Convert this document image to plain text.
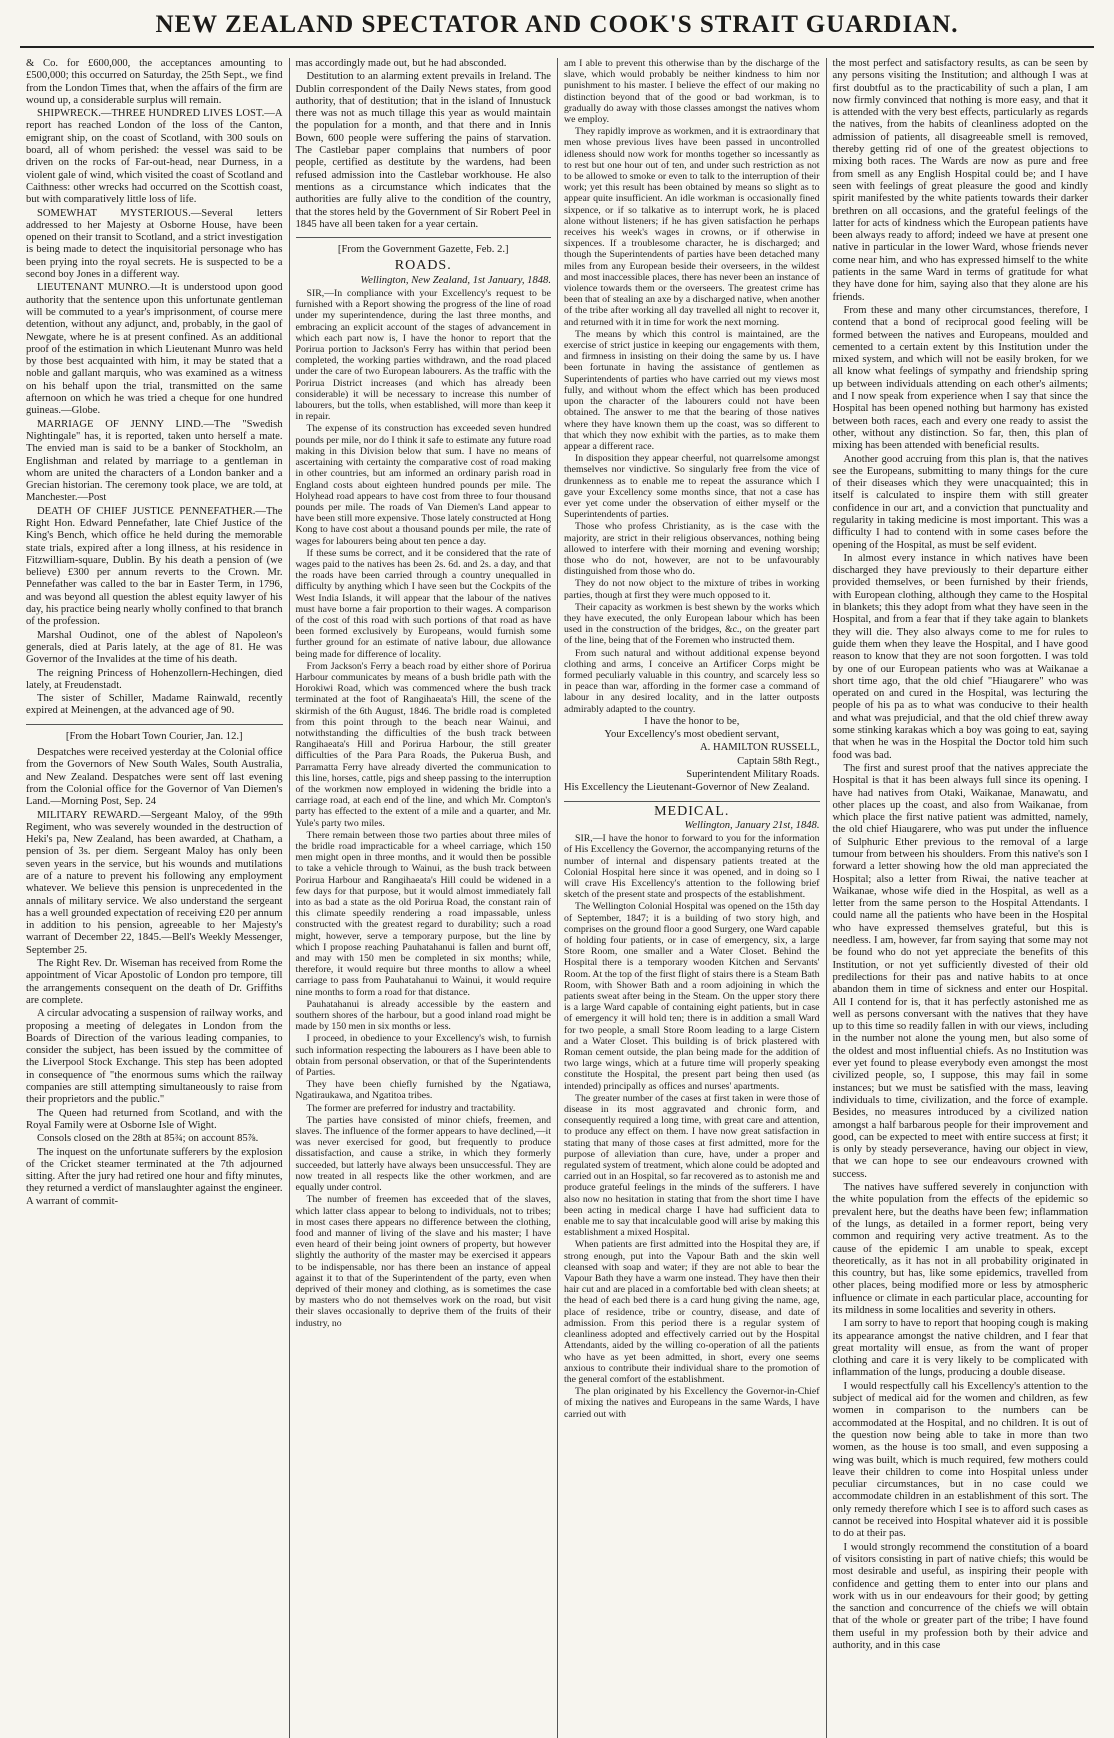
NEW ZEALAND SPECTATOR AND COOK'S STRAIT GUARDIAN.

& Co. for £600,000, the acceptances amounting to £500,000; this occurred on Saturday, the 25th Sept., we find from the London Times that, when the affairs of the firm are wound up, a considerable surplus will remain.

SHIPWRECK.—THREE HUNDRED LIVES LOST.—A report has reached London of the loss of the Canton, emigrant ship, on the coast of Scotland, with 300 souls on board, all of whom perished: the vessel was said to be driven on the rocks of Far-out-head, near Durness, in a violent gale of wind, which visited the coast of Scotland and Caithness: other wrecks had occurred on the Scottish coast, but with comparatively little loss of life.

SOMEWHAT MYSTERIOUS.—Several letters addressed to her Majesty at Osborne House, have been opened on their transit to Scotland, and a strict investigation is being made to detect the inquisitorial personage who has been prying into the royal secrets. He is suspected to be a second boy Jones in a different way.

LIEUTENANT MUNRO.—It is understood upon good authority that the sentence upon this unfortunate gentleman will be commuted to a year's imprisonment, of course mere detention, without any adjunct, and, probably, in the gaol of Newgate, where he is at present confined. As an additional proof of the estimation in which Lieutenant Munro was held by those best acquainted with him, it may be stated that a noble and gallant marquis, who was examined as a witness on his behalf upon the trial, transmitted on the same afternoon on which he was tried a cheque for one hundred guineas.—Globe.

MARRIAGE OF JENNY LIND.—The "Swedish Nightingale" has, it is reported, taken unto herself a mate. The envied man is said to be a banker of Stockholm, an Englishman and related by marriage to a gentleman in whom are united the characters of a London banker and a Grecian historian. The ceremony took place, we are told, at Manchester.—Post

DEATH OF CHIEF JUSTICE PENNEFATHER.—The Right Hon. Edward Pennefather, late Chief Justice of the King's Bench, which office he held during the memorable state trials, expired after a long illness, at his residence in Fitzwilliam-square, Dublin. By his death a pension of (we believe) £300 per annum reverts to the Crown. Mr. Pennefather was called to the bar in Easter Term, in 1796, and was beyond all question the ablest equity lawyer of his day, his practice being nearly wholly confined to that branch of the profession.

Marshal Oudinot, one of the ablest of Napoleon's generals, died at Paris lately, at the age of 81. He was Governor of the Invalides at the time of his death.

The reigning Princess of Hohenzollern-Hechingen, died lately, at Freudenstadt.

The sister of Schiller, Madame Rainwald, recently expired at Meinengen, at the advanced age of 90.

[From the Hobart Town Courier, Jan. 12.]

Despatches were received yesterday at the Colonial office from the Governors of New South Wales, South Australia, and New Zealand. Despatches were sent off last evening from the Colonial office for the Governor of Van Diemen's Land.—Morning Post, Sep. 24

MILITARY REWARD.—Sergeant Maloy, of the 99th Regiment, who was severely wounded in the destruction of Heki's pa, New Zealand, has been awarded, at Chatham, a pension of 3s. per diem. Sergeant Maloy has only been seven years in the service, but his wounds and mutilations are of a nature to prevent his following any employment whatever. We believe this pension is unprecedented in the annals of military service. We also understand the sergeant has a well grounded expectation of receiving £20 per annum in addition to his pension, agreeable to her Majesty's warrant of December 22, 1845.—Bell's Weekly Messenger, September 25.

The Right Rev. Dr. Wiseman has received from Rome the appointment of Vicar Apostolic of London pro tempore, till the arrangements consequent on the death of Dr. Griffiths are complete.

A circular advocating a suspension of railway works, and proposing a meeting of delegates in London from the Boards of Direction of the various leading companies, to consider the subject, has been issued by the committee of the Liverpool Stock Exchange. This step has been adopted in consequence of "the enormous sums which the railway companies are still attempting simultaneously to raise from their proprietors and the public."

The Queen had returned from Scotland, and with the Royal Family were at Osborne Isle of Wight.

Consols closed on the 28th at 85¾; on account 85⅞.

The inquest on the unfortunate sufferers by the explosion of the Cricket steamer terminated at the 7th adjourned sitting. After the jury had retired one hour and fifty minutes, they returned a verdict of manslaughter against the engineer. A warrant of commit-

mas accordingly made out, but he had absconded.

Destitution to an alarming extent prevails in Ireland. The Dublin correspondent of the Daily News states, from good authority, that of destitution; that in the island of Innustuck there was not as much tillage this year as would maintain the population for a month, and that there and in Innis Bown, 600 people were suffering the pains of starvation. The Castlebar paper complains that numbers of poor people, certified as destitute by the wardens, had been refused admission into the Castlebar workhouse. He also mentions as a circumstance which indicates that the authorities are fully alive to the condition of the country, that the stores held by the Government of Sir Robert Peel in 1845 have all been taken for a year certain.

[From the Government Gazette, Feb. 2.]

ROADS.

Wellington, New Zealand, 1st January, 1848.

SIR,—In compliance with your Excellency's request to be furnished with a Report showing the progress of the line of road under my superintendence, during the last three months, and embracing an explicit account of the stages of advancement in which each part now is, I have the honor to report that the Porirua portion to Jackson's Ferry has within that period been completed, the working parties withdrawn, and the road placed under the care of two European labourers. As the traffic with the Porirua District increases (and which has already been considerable) it will be necessary to increase this number of labourers, but the tolls, when established, will more than keep it in repair.

The expense of its construction has exceeded seven hundred pounds per mile, nor do I think it safe to estimate any future road making in this Division below that sum. I have no means of ascertaining with certainty the comparative cost of road making in other countries, but am informed an ordinary parish road in England costs about eighteen hundred pounds per mile. The Holyhead road appears to have cost from three to four thousand pounds per mile. The roads of Van Diemen's Land appear to have been still more expensive. Those lately constructed at Hong Kong to have cost about a thousand pounds per mile, the rate of wages for labourers being about ten pence a day.

If these sums be correct, and it be considered that the rate of wages paid to the natives has been 2s. 6d. and 2s. a day, and that the roads have been carried through a country unequalled in difficulty by anything which I have seen but the Cockpits of the West India Islands, it will appear that the labour of the natives must have borne a fair proportion to their wages. A comparison of the cost of this road with such portions of that road as have been formed exclusively by Europeans, would furnish some further ground for an estimate of native labour, due allowance being made for difference of locality.

From Jackson's Ferry a beach road by either shore of Porirua Harbour communicates by means of a bush bridle path with the Horokiwi Road, which was commenced where the bush track terminated at the foot of Rangihaeata's Hill, the scene of the skirmish of the 6th August, 1846. The bridle road is completed from this point through to the beach near Wainui, and notwithstanding the difficulties of the bush track between Rangihaeata's Hill and Porirua Harbour, the still greater difficulties of the Para Para Roads, the Pukerua Bush, and Parramatta Ferry have already diverted the communication to this line, horses, cattle, pigs and sheep passing to the interruption of the workmen now employed in widening the bridle into a carriage road, at each end of the line, and which Mr. Compton's party has effected to the extent of a mile and a quarter, and Mr. Yule's party two miles.

There remain between those two parties about three miles of the bridle road impracticable for a wheel carriage, which 150 men might open in three months, and it would then be possible to take a vehicle through to Wainui, as the bush track between Porirua Harbour and Rangihaeata's Hill could be widened in a few days for that purpose, but it would almost immediately fall into as bad a state as the old Porirua Road, the constant rain of this climate speedily rendering a road impassable, unless constructed with the greatest regard to durability; such a road might, however, serve a temporary purpose, but the line by which I propose reaching Pauhatahanui is fallen and burnt off, and may with 150 men be completed in six months; while, therefore, it would require but three months to allow a wheel carriage to pass from Pauhatahanui to Wainui, it would require nine months to form a road for that distance.

Pauhatahanui is already accessible by the eastern and southern shores of the harbour, but a good inland road might be made by 150 men in six months or less.

I proceed, in obedience to your Excellency's wish, to furnish such information respecting the labourers as I have been able to obtain from personal observation, or that of the Superintendents of Parties.

They have been chiefly furnished by the Ngatiawa, Ngatiraukawa, and Ngatitoa tribes.

The former are preferred for industry and tractability.

The parties have consisted of minor chiefs, freemen, and slaves. The influence of the former appears to have declined,—it was never exercised for good, but frequently to produce dissatisfaction, and cause a strike, in which they formerly succeeded, but latterly have always been unsuccessful. They are now treated in all respects like the other workmen, and are equally under control.

The number of freemen has exceeded that of the slaves, which latter class appear to belong to individuals, not to tribes; in most cases there appears no difference between the clothing, food and manner of living of the slave and his master; I have even heard of their being joint owners of property, but however slightly the authority of the master may be exercised it appears to be indispensable, nor has there been an instance of appeal against it to that of the Superintendent of the party, even when deprived of their money and clothing, as is sometimes the case by masters who do not themselves work on the road, but visit their slaves occasionally to deprive them of the fruits of their industry, no

am I able to prevent this otherwise than by the discharge of the slave, which would probably be neither kindness to him nor punishment to his master. I believe the effect of our making no distinction beyond that of the good or bad workman, is to gradually do away with those classes amongst the natives whom we employ.

They rapidly improve as workmen, and it is extraordinary that men whose previous lives have been passed in uncontrolled idleness should now work for months together so incessantly as to rest but one hour out of ten, and under such restriction as not to be allowed to smoke or even to talk to the interruption of their work; yet this result has been obtained by means so slight as to appear quite insufficient. An idle workman is occasionally fined sixpence, or if so talkative as to interrupt work, he is placed alone without listeners; if he has given satisfaction he perhaps receives his week's wages in crowns, or if otherwise in sixpences. If a troublesome character, he is discharged; and though the Superintendents of parties have been detached many miles from any European beside their overseers, in the wildest and most inaccessible places, there has never been an instance of violence towards them or the overseers. The greatest crime has been that of stealing an axe by a discharged native, when another of the tribe after working all day travelled all night to recover it, and returned with it in time for work the next morning.

The means by which this control is maintained, are the exercise of strict justice in keeping our engagements with them, and firmness in insisting on their doing the same by us. I have been fortunate in having the assistance of gentlemen as Superintendents of parties who have carried out my views most fully, and without whom the effect which has been produced upon the character of the labourers could not have been obtained. The answer to me that the bearing of those natives where they have known them up the coast, was so different to that which they now exhibit with the parties, as to make them appear a different race.

In disposition they appear cheerful, not quarrelsome amongst themselves nor vindictive. So singularly free from the vice of drunkenness as to enable me to repeat the assurance which I gave your Excellency some months since, that not a case has ever yet come under the observation of either myself or the Superintendents of parties.

Those who profess Christianity, as is the case with the majority, are strict in their religious observances, nothing being allowed to interfere with their morning and evening worship; those who do not, however, are not to be unfavourably distinguished from those who do.

They do not now object to the mixture of tribes in working parties, though at first they were much opposed to it.

Their capacity as workmen is best shewn by the works which they have executed, the only European labour which has been used in the construction of the bridges, &c., on the greater part of the line, being that of the Foremen who instructed them.

From such natural and without additional expense beyond clothing and arms, I conceive an Artificer Corps might be formed peculiarly valuable in this country, and scarcely less so in peace than war, affording in the former case a command of labour in any desired locality, and in the latter outposts admirably adapted to the country.

I have the honor to be,

Your Excellency's most obedient servant,

A. HAMILTON RUSSELL,

Captain 58th Regt.,

Superintendent Military Roads.

His Excellency the Lieutenant-Governor of New Zealand.

MEDICAL.

Wellington, January 21st, 1848.

SIR,—I have the honor to forward to you for the information of His Excellency the Governor, the accompanying returns of the number of internal and dispensary patients treated at the Colonial Hospital here since it was opened, and in doing so I will crave His Excellency's attention to the following brief sketch of the present state and prospects of the establishment.

The Wellington Colonial Hospital was opened on the 15th day of September, 1847; it is a building of two story high, and comprises on the ground floor a good Surgery, one Ward capable of holding four patients, or in case of emergency, six, a large Store Room, one smaller and a Water Closet. Behind the Hospital there is a temporary wooden Kitchen and Servants' Room. At the top of the first flight of stairs there is a Steam Bath Room, with Shower Bath and a room adjoining in which the patients sweat after being in the Steam. On the upper story there is a large Ward capable of containing eight patients, but in case of emergency it will hold ten; there is in addition a small Ward for two people, a small Store Room leading to a large Cistern and a Water Closet. This building is of brick plastered with Roman cement outside, the plan being made for the addition of two large wings, which at a future time will properly speaking constitute the Hospital, the present part being then used (as intended) principally as offices and nurses' apartments.

The greater number of the cases at first taken in were those of disease in its most aggravated and chronic form, and consequently required a long time, with great care and attention, to produce any effect on them. I have now great satisfaction in stating that many of those cases at first admitted, more for the purpose of alleviation than cure, have, under a proper and regulated system of treatment, which alone could be adopted and carried out in an Hospital, so far recovered as to astonish me and produce grateful feelings in the minds of the sufferers. I have also now no hesitation in stating that from the short time I have been acting in medical charge I have had sufficient data to enable me to say that incalculable good will arise by making this establishment a mixed Hospital.

When patients are first admitted into the Hospital they are, if strong enough, put into the Vapour Bath and the skin well cleansed with soap and water; if they are not able to bear the Vapour Bath they have a warm one instead. They have then their hair cut and are placed in a comfortable bed with clean sheets; at the head of each bed there is a card hung giving the name, age, place of residence, tribe or country, disease, and date of admission. From this period there is a regular system of cleanliness adopted and effectively carried out by the Hospital Attendants, aided by the willing co-operation of all the patients who have as yet been admitted, in short, every one seems anxious to contribute their individual share to the promotion of the general comfort of the establishment.

The plan originated by his Excellency the Governor-in-Chief of mixing the natives and Europeans in the same Wards, I have carried out with

the most perfect and satisfactory results, as can be seen by any persons visiting the Institution; and although I was at first doubtful as to the practicability of such a plan, I am now firmly convinced that nothing is more easy, and that it is attended with the very best effects, particularly as regards the natives, from the habits of cleanliness adopted on the admission of patients, all disagreeable smell is removed, thereby getting rid of one of the greatest objections to mixing both races. The Wards are now as pure and free from smell as any English Hospital could be; and I have seen with feelings of great pleasure the good and kindly spirit manifested by the white patients towards their darker brethren on all occasions, and the grateful feelings of the latter for acts of kindness which the European patients have been always ready to afford; indeed we have at present one native in particular in the lower Ward, whose friends never come near him, and who has expressed himself to the white patients in the same Ward in terms of gratitude for what they have done for him, saying also that they alone are his friends.

From these and many other circumstances, therefore, I contend that a bond of reciprocal good feeling will be formed between the natives and Europeans, moulded and cemented to a certain extent by this Institution under the mixed system, and which will not be easily broken, for we all know what feelings of sympathy and friendship spring up between individuals attending on each other's ailments; and I now speak from experience when I say that since the Hospital has been opened nothing but harmony has existed between both races, each and every one ready to assist the other, without any distinction. So far, then, this plan of mixing has been attended with beneficial results.

Another good accruing from this plan is, that the natives see the Europeans, submitting to many things for the cure of their diseases which they were unacquainted; this in itself is calculated to inspire them with still greater confidence in our art, and a conviction that punctuality and regularity in taking medicine is most important. This was a difficulty I had to contend with in some cases before the opening of the Hospital, as must be self evident.

In almost every instance in which natives have been discharged they have previously to their departure either provided themselves, or been furnished by their friends, with European clothing, although they came to the Hospital in blankets; this they adopt from what they have seen in the Hospital, and from a fear that if they take again to blankets they will die. They also always come to me for rules to guide them when they leave the Hospital, and I have good reason to know that they are not soon forgotten. I was told by one of our European patients who was at Waikanae a short time ago, that the old chief "Hiaugarere" who was operated on and cured in the Hospital, was lecturing the people of his pa as to what was conducive to their health and what was prejudicial, and that the old chief threw away some stinking karakas which a boy was going to eat, saying that when he was in the Hospital the Doctor told him such food was bad.

The first and surest proof that the natives appreciate the Hospital is that it has been always full since its opening. I have had natives from Otaki, Waikanae, Manawatu, and other places up the coast, and also from Waikanae, from which place the first native patient was admitted, namely, the old chief Hiaugarere, who was put under the influence of Sulphuric Ether previous to the removal of a large tumour from between his shoulders. From this native's son I forward a letter showing how the old man appreciated the Hospital; also a letter from Riwai, the native teacher at Waikanae, whose wife died in the Hospital, as well as a letter from the same person to the Hospital Attendants. I could name all the patients who have been in the Hospital who have expressed themselves grateful, but this is needless. I am, however, far from saying that some may not be found who do not yet appreciate the benefits of this Institution, or not yet sufficiently divested of their old predilections for their pas and native habits to at once abandon them in time of sickness and enter our Hospital. All I contend for is, that it has perfectly astonished me as well as persons conversant with the natives that they have up to this time so readily fallen in with our views, including in the number not alone the young men, but also some of the oldest and most influential chiefs. As no Institution was ever yet found to please everybody even amongst the most civilized people, so, I suppose, this may fail in some instances; but we must be satisfied with the mass, leaving individuals to time, civilization, and the force of example. Besides, no measures introduced by a civilized nation amongst a half barbarous people for their improvement and good, can be expected to meet with entire success at first; it is only by steady perseverance, having our object in view, that we can hope to see our endeavours crowned with success.

The natives have suffered severely in conjunction with the white population from the effects of the epidemic so prevalent here, but the deaths have been few; inflammation of the lungs, as detailed in a former report, being very common and requiring very active treatment. As to the cause of the epidemic I am unable to speak, except theoretically, as it has not in all probability originated in this country, but has, like some epidemics, travelled from other places, being modified more or less by atmospheric influence or climate in each particular place, accounting for its mildness in some localities and severity in others.

I am sorry to have to report that hooping cough is making its appearance amongst the native children, and I fear that great mortality will ensue, as from the want of proper clothing and care it is very likely to be complicated with inflammation of the lungs, producing a double disease.

I would respectfully call his Excellency's attention to the subject of medical aid for the women and children, as few women in comparison to the numbers can be accommodated at the Hospital, and no children. It is out of the question now being able to take in more than two women, as the house is too small, and even supposing a wing was built, which is much required, few mothers could leave their children to come into Hospital unless under peculiar circumstances, but in no case could we accommodate children in an establishment of this sort. The only remedy therefore which I see is to afford such cases as cannot be received into Hospital whatever aid it is possible to do at their pas.

I would strongly recommend the constitution of a board of visitors consisting in part of native chiefs; this would be most desirable and useful, as inspiring their people with confidence and getting them to enter into our plans and work with us in our endeavours for their good; by getting the sanction and concurrence of the chiefs we will obtain that of the whole or greater part of the tribe; I have found them useful in my profession both by their advice and authority, and in this case
